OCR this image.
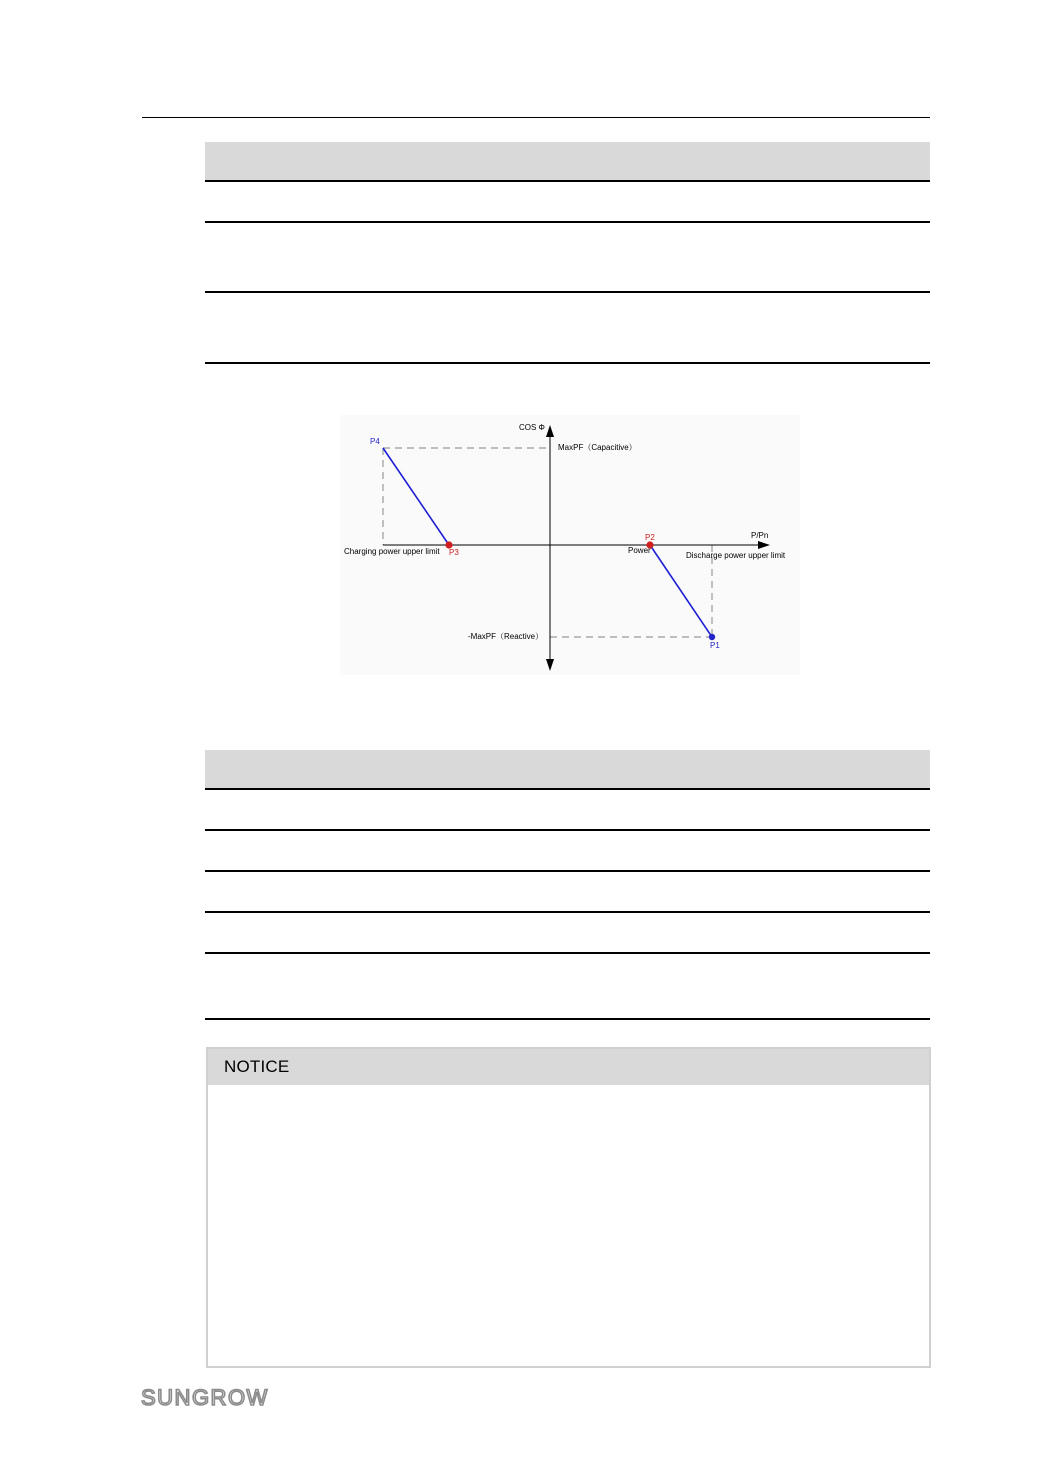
COS Φ
P/Pn
MaxPF（Capacitive）
-MaxPF（Reactive）
Charging power upper limit	Discharge power upper limit
Power
P4
P2
P3
P1
NOTICE
SUNGROW
